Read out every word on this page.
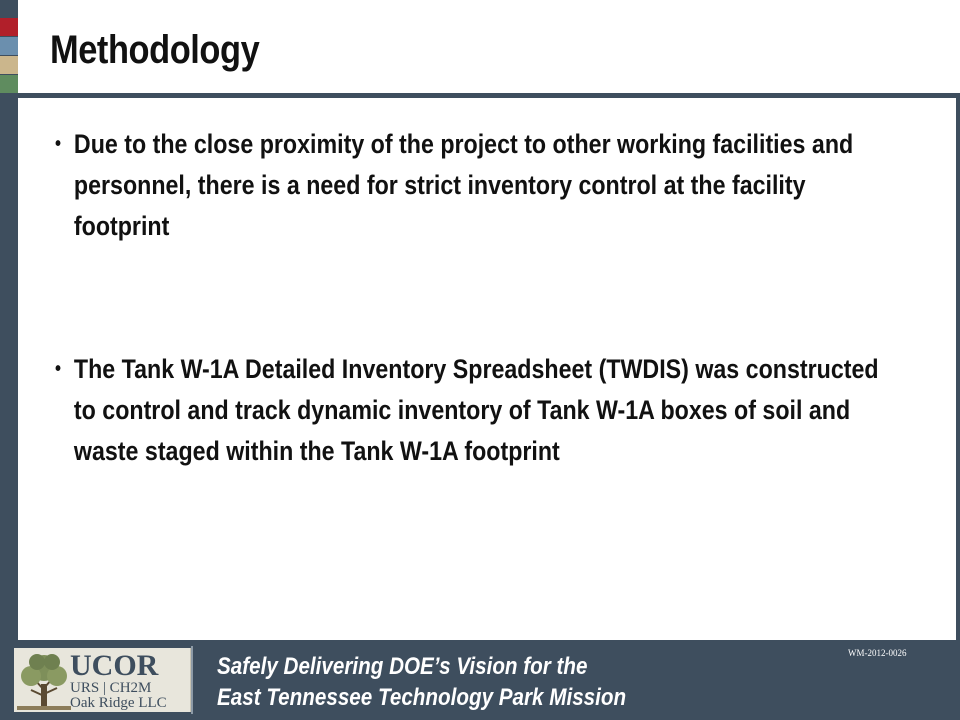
Methodology
• Due to the close proximity of the project to other working facilities and personnel, there is a need for strict inventory control at the facility footprint
• The Tank W-1A Detailed Inventory Spreadsheet (TWDIS) was constructed to control and track dynamic inventory of Tank W-1A boxes of soil and waste staged within the Tank W-1A footprint
UCOR
URS | CH2M
Oak Ridge LLC

Safely Delivering DOE’s Vision for the
East Tennessee Technology Park Mission

WM-2012-0026
